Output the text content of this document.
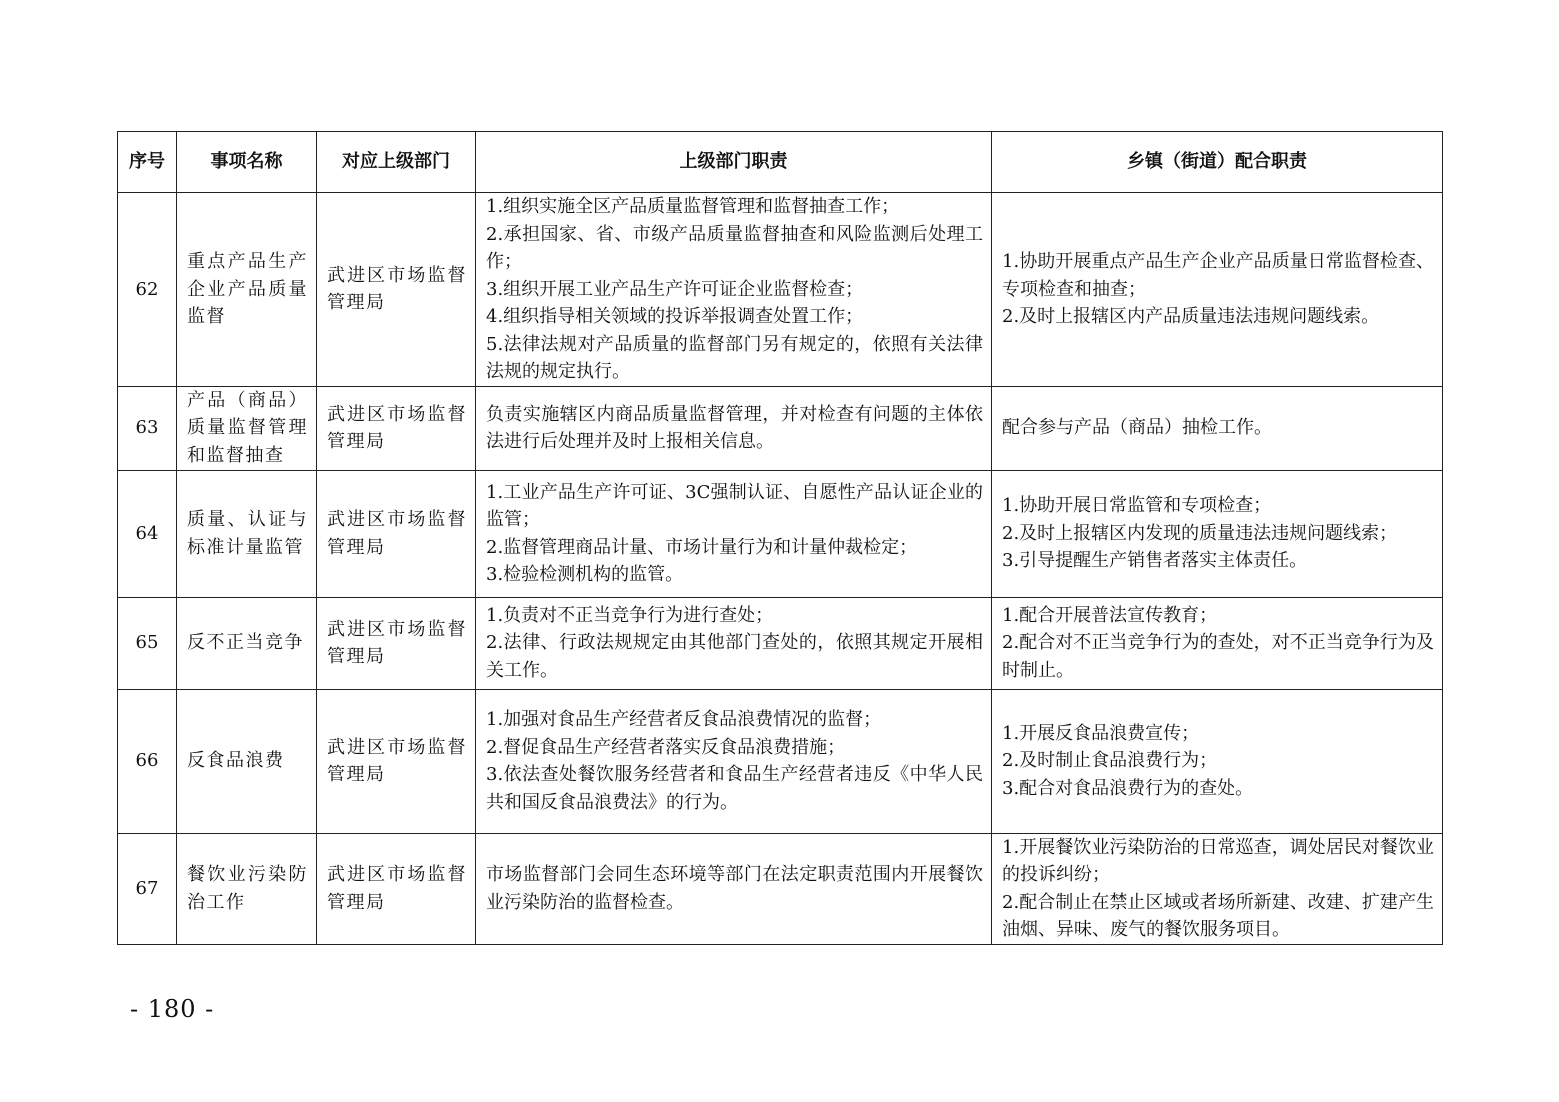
序号	事项名称	对应上级部门	上级部门职责	乡镇（街道）配合职责
62	重点产品生产企业产品质量监督	武进区市场监督管理局	1.组织实施全区产品质量监督管理和监督抽查工作；
2.承担国家、省、市级产品质量监督抽查和风险监测后处理工作；
3.组织开展工业产品生产许可证企业监督检查；
4.组织指导相关领域的投诉举报调查处置工作；
5.法律法规对产品质量的监督部门另有规定的，依照有关法律法规的规定执行。	1.协助开展重点产品生产企业产品质量日常监督检查、专项检查和抽查；
2.及时上报辖区内产品质量违法违规问题线索。

63	产品（商品）质量监督管理和监督抽查	武进区市场监督管理局	负责实施辖区内商品质量监督管理，并对检查有问题的主体依法进行后处理并及时上报相关信息。	配合参与产品（商品）抽检工作。

64	质量、认证与标准计量监管	武进区市场监督管理局	1.工业产品生产许可证、3C强制认证、自愿性产品认证企业的监管；
2.监督管理商品计量、市场计量行为和计量仲裁检定；
3.检验检测机构的监管。	1.协助开展日常监管和专项检查；
2.及时上报辖区内发现的质量违法违规问题线索；
3.引导提醒生产销售者落实主体责任。

65	反不正当竞争	武进区市场监督管理局	1.负责对不正当竞争行为进行查处；
2.法律、行政法规规定由其他部门查处的，依照其规定开展相关工作。	1.配合开展普法宣传教育；
2.配合对不正当竞争行为的查处，对不正当竞争行为及时制止。

66	反食品浪费	武进区市场监督管理局	1.加强对食品生产经营者反食品浪费情况的监督；
2.督促食品生产经营者落实反食品浪费措施；
3.依法查处餐饮服务经营者和食品生产经营者违反《中华人民共和国反食品浪费法》的行为。	1.开展反食品浪费宣传；
2.及时制止食品浪费行为；
3.配合对食品浪费行为的查处。

67	餐饮业污染防治工作	武进区市场监督管理局	市场监督部门会同生态环境等部门在法定职责范围内开展餐饮业污染防治的监督检查。	1.开展餐饮业污染防治的日常巡查，调处居民对餐饮业的投诉纠纷；
2.配合制止在禁止区域或者场所新建、改建、扩建产生油烟、异味、废气的餐饮服务项目。
- 180 -
